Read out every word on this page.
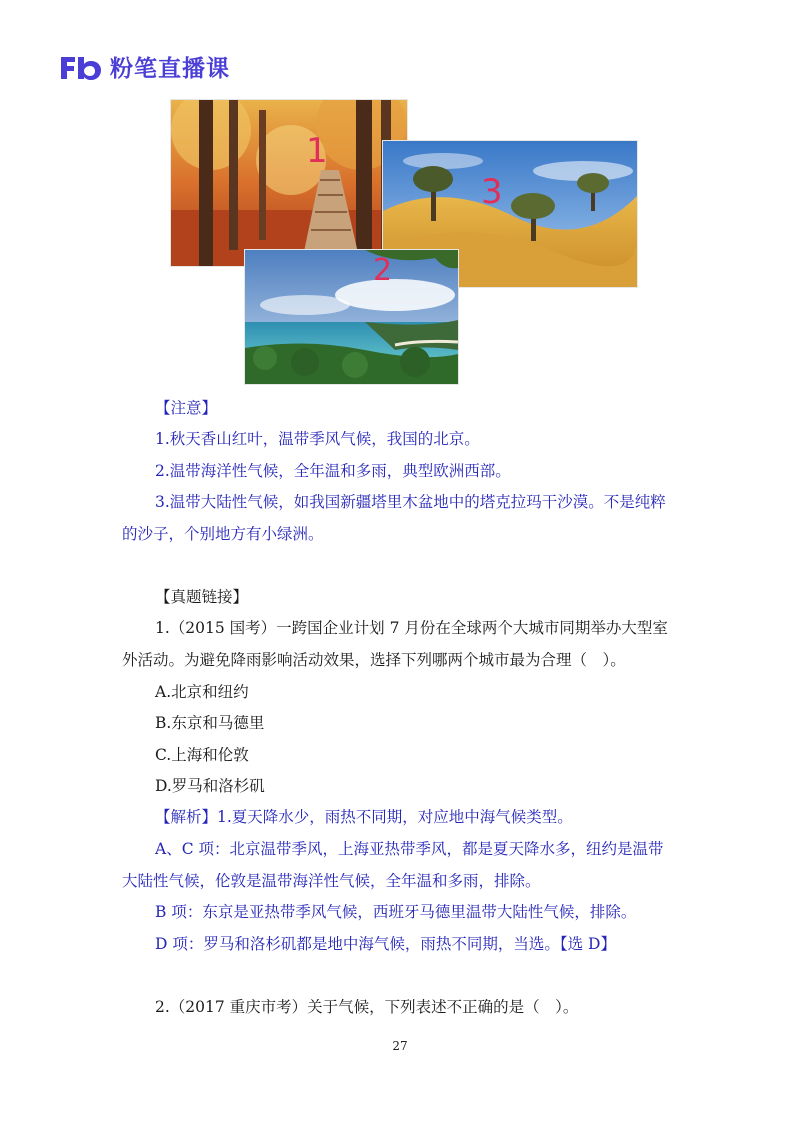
粉笔直播课
1
3
2
【注意】
1.秋天香山红叶，温带季风气候，我国的北京。
2.温带海洋性气候，全年温和多雨，典型欧洲西部。
3.温带大陆性气候，如我国新疆塔里木盆地中的塔克拉玛干沙漠。不是纯粹
的沙子，个别地方有小绿洲。
【真题链接】
1.（2015 国考）一跨国企业计划 7 月份在全球两个大城市同期举办大型室
外活动。为避免降雨影响活动效果，选择下列哪两个城市最为合理（　）。
A.北京和纽约
B.东京和马德里
C.上海和伦敦
D.罗马和洛杉矶
【解析】1.夏天降水少，雨热不同期，对应地中海气候类型。
A、C 项：北京温带季风，上海亚热带季风，都是夏天降水多，纽约是温带
大陆性气候，伦敦是温带海洋性气候，全年温和多雨，排除。
B 项：东京是亚热带季风气候，西班牙马德里温带大陆性气候，排除。
D 项：罗马和洛杉矶都是地中海气候，雨热不同期，当选。【选 D】
2.（2017 重庆市考）关于气候，下列表述不正确的是（　）。
27
